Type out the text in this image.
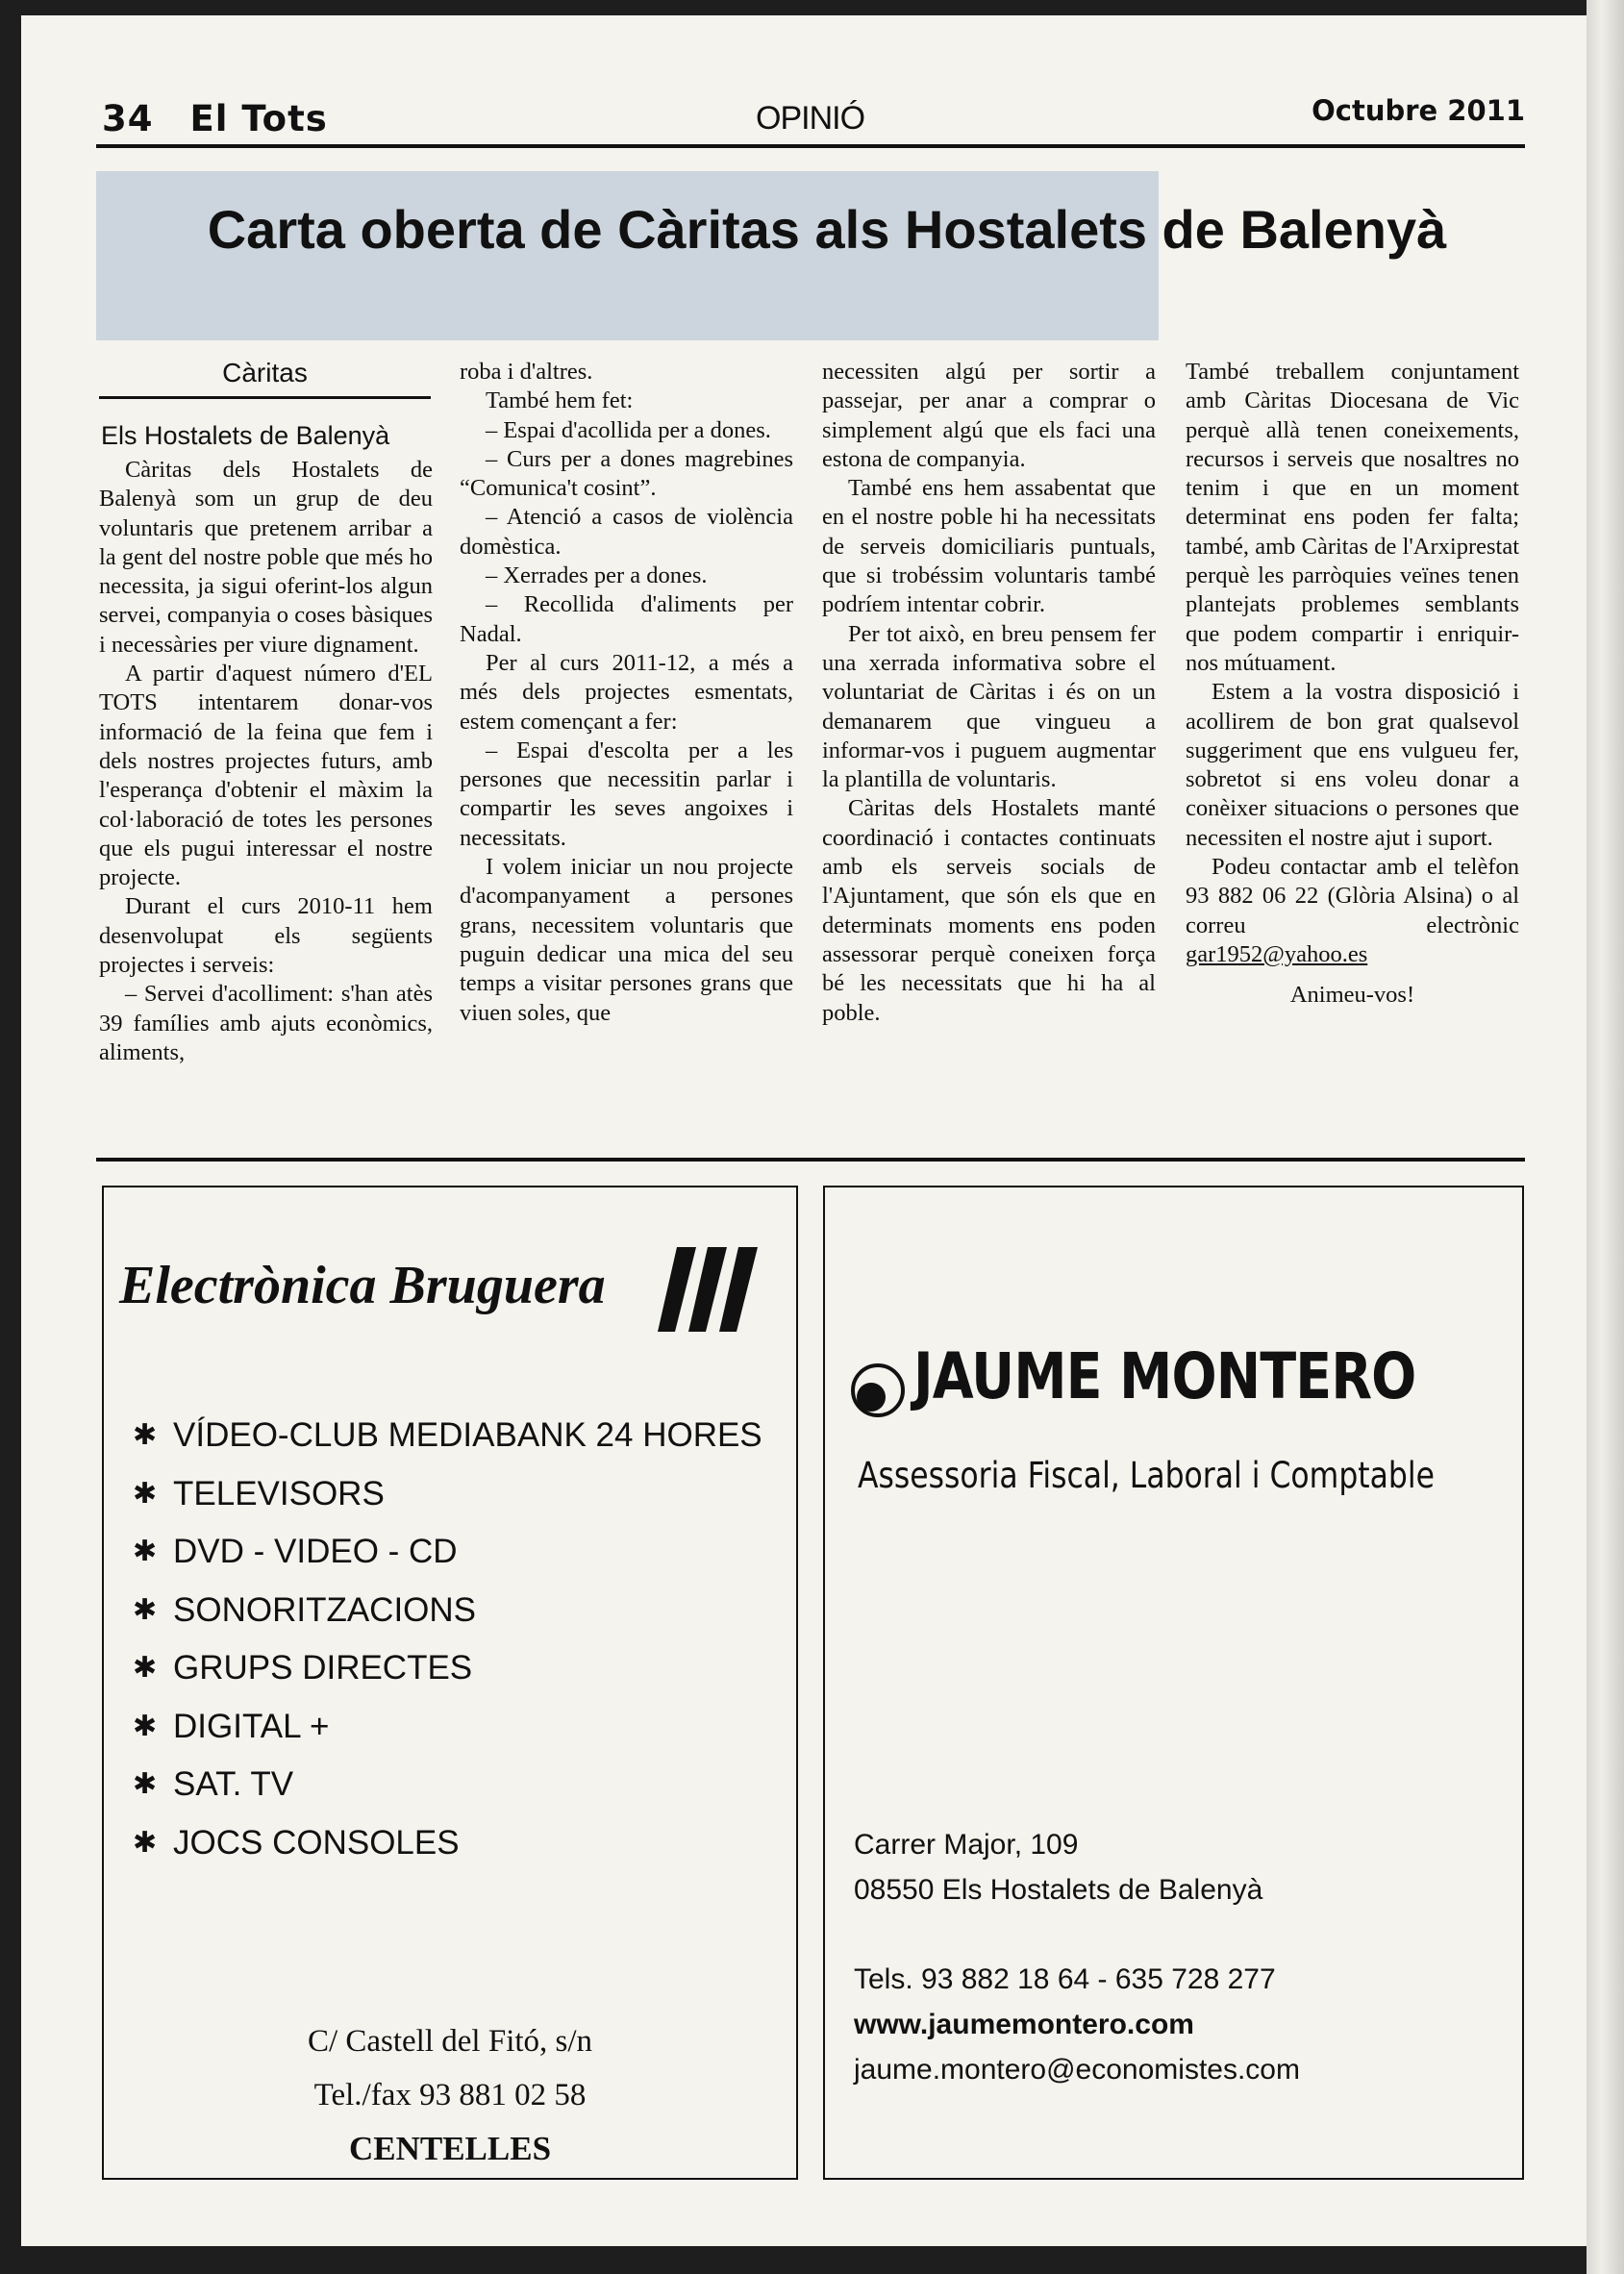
34 El Tots	OPINIÓ	Octubre 2011
Carta oberta de Càritas als Hostalets de Balenyà
Càritas
Els Hostalets de Balenyà

Càritas dels Hostalets de Balenyà som un grup de deu voluntaris que pretenem arribar a la gent del nostre poble que més ho necessita, ja sigui oferint-los algun servei, companyia o coses bàsiques i necessàries per viure dignament.

A partir d'aquest número d'EL TOTS intentarem donar-vos informació de la feina que fem i dels nostres projectes futurs, amb l'esperança d'obtenir el màxim la col·laboració de totes les persones que els pugui interessar el nostre projecte.

Durant el curs 2010-11 hem desenvolupat els següents projectes i serveis:

– Servei d'acolliment: s'han atès 39 famílies amb ajuts econòmics, aliments,

roba i d'altres.

També hem fet:

– Espai d'acollida per a dones.

– Curs per a dones magrebines “Comunica't cosint”.

– Atenció a casos de violència domèstica.

– Xerrades per a dones.

– Recollida d'aliments per Nadal.

Per al curs 2011-12, a més a més dels projectes esmentats, estem començant a fer:

– Espai d'escolta per a les persones que necessitin parlar i compartir les seves angoixes i necessitats.

I volem iniciar un nou projecte d'acompanyament a persones grans, necessitem voluntaris que puguin dedicar una mica del seu temps a visitar persones grans que viuen soles, que

necessiten algú per sortir a passejar, per anar a comprar o simplement algú que els faci una estona de companyia.

També ens hem assabentat que en el nostre poble hi ha necessitats de serveis domiciliaris puntuals, que si trobéssim voluntaris també podríem intentar cobrir.

Per tot això, en breu pensem fer una xerrada informativa sobre el voluntariat de Càritas i és on un demanarem que vingueu a informar-vos i puguem augmentar la plantilla de voluntaris.

Càritas dels Hostalets manté coordinació i contactes continuats amb els serveis socials de l'Ajuntament, que són els que en determinats moments ens poden assessorar perquè coneixen força bé les necessitats que hi ha al poble.

També treballem conjuntament amb Càritas Diocesana de Vic perquè allà tenen coneixements, recursos i serveis que nosaltres no tenim i que en un moment determinat ens poden fer falta; també, amb Càritas de l'Arxiprestat perquè les parròquies veïnes tenen plantejats problemes semblants que podem compartir i enriquir-nos mútuament.

Estem a la vostra disposició i acollirem de bon grat qualsevol suggeriment que ens vulgueu fer, sobretot si ens voleu donar a conèixer situacions o persones que necessiten el nostre ajut i suport.

Podeu contactar amb el telèfon 93 882 06 22 (Glòria Alsina) o al correu electrònic gar1952@yahoo.es

Animeu-vos!

Electrònica Bruguera
✱ VÍDEO-CLUB MEDIABANK 24 HORES
✱ TELEVISORS
✱ DVD - VIDEO - CD
✱ SONORITZACIONS
✱ GRUPS DIRECTES
✱ DIGITAL +
✱ SAT. TV
✱ JOCS CONSOLES
C/ Castell del Fitó, s/n
Tel./fax 93 881 02 58
CENTELLES
JAUME MONTERO
Assessoria Fiscal, Laboral i Comptable
Carrer Major, 109
08550 Els Hostalets de Balenyà
Tels. 93 882 18 64 - 635 728 277
www.jaumemontero.com
jaume.montero@economistes.com
